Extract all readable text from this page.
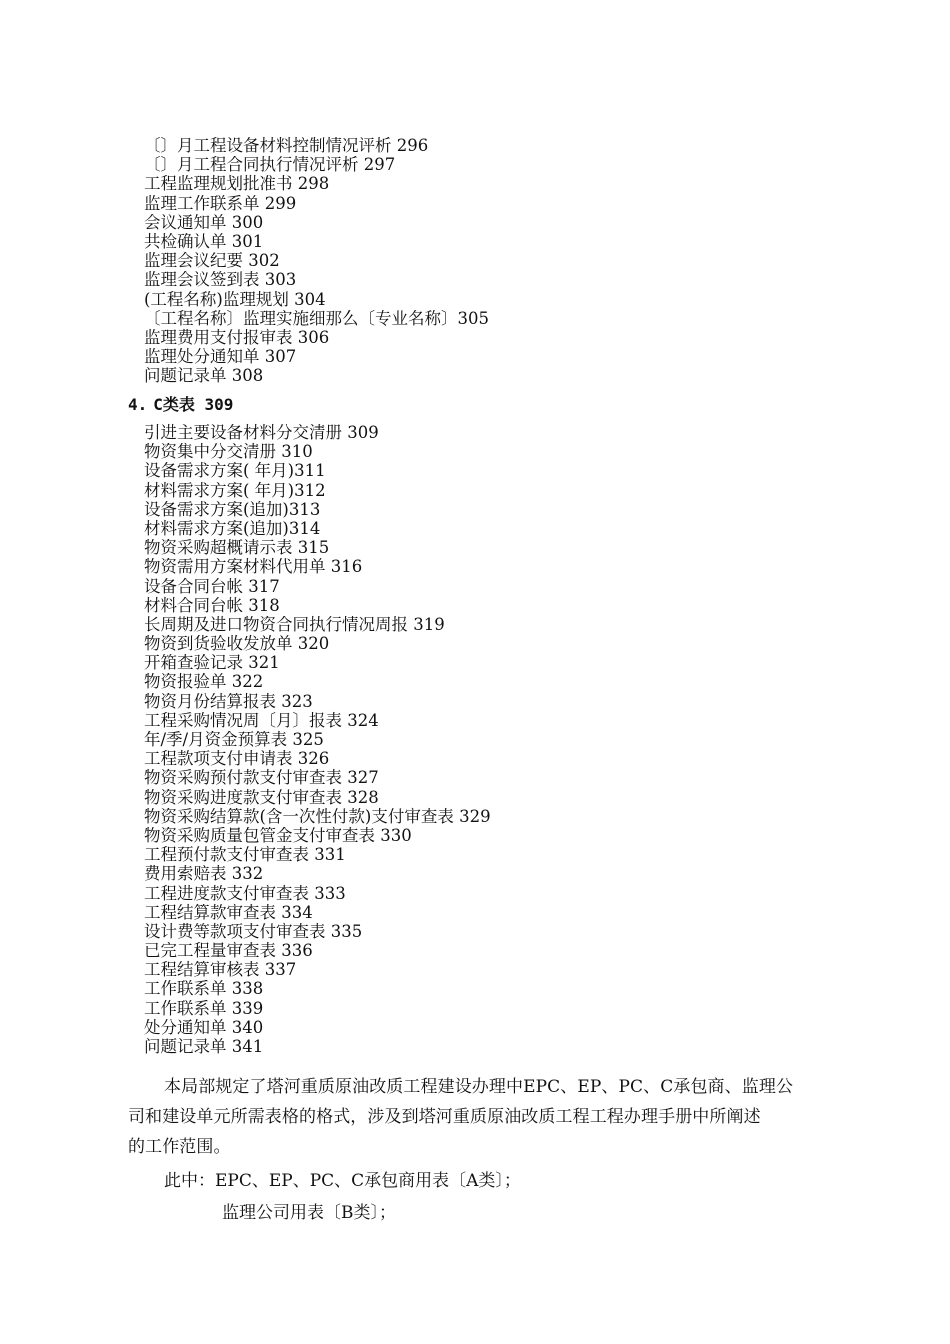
〔〕月工程设备材料控制情况评析 296
〔〕月工程合同执行情况评析 297
工程监理规划批准书 298
监理工作联系单 299
会议通知单 300
共检确认单 301
监理会议纪要 302
监理会议签到表 303
(工程名称)监理规划 304
〔工程名称〕监理实施细那么〔专业名称〕305
监理费用支付报审表 306
监理处分通知单 307
问题记录单 308
4. C类表 309
引进主要设备材料分交清册 309
物资集中分交清册 310
设备需求方案( 年月)311
材料需求方案( 年月)312
设备需求方案(追加)313
材料需求方案(追加)314
物资采购超概请示表 315
物资需用方案材料代用单 316
设备合同台帐 317
材料合同台帐 318
长周期及进口物资合同执行情况周报 319
物资到货验收发放单 320
开箱查验记录 321
物资报验单 322
物资月份结算报表 323
工程采购情况周〔月〕报表 324
年/季/月资金预算表 325
工程款项支付申请表 326
物资采购预付款支付审查表 327
物资采购进度款支付审查表 328
物资采购结算款(含一次性付款)支付审查表 329
物资采购质量包管金支付审查表 330
工程预付款支付审查表 331
费用索赔表 332
工程进度款支付审查表 333
工程结算款审查表 334
设计费等款项支付审查表 335
已完工程量审查表 336
工程结算审核表 337
工作联系单 338
工作联系单 339
处分通知单 340
问题记录单 341
本局部规定了塔河重质原油改质工程建设办理中EPC、EP、PC、C承包商、监理公
司和建设单元所需表格的格式，涉及到塔河重质原油改质工程工程办理手册中所阐述
的工作范围。
此中：EPC、EP、PC、C承包商用表〔A类〕；
监理公司用表〔B类〕；
